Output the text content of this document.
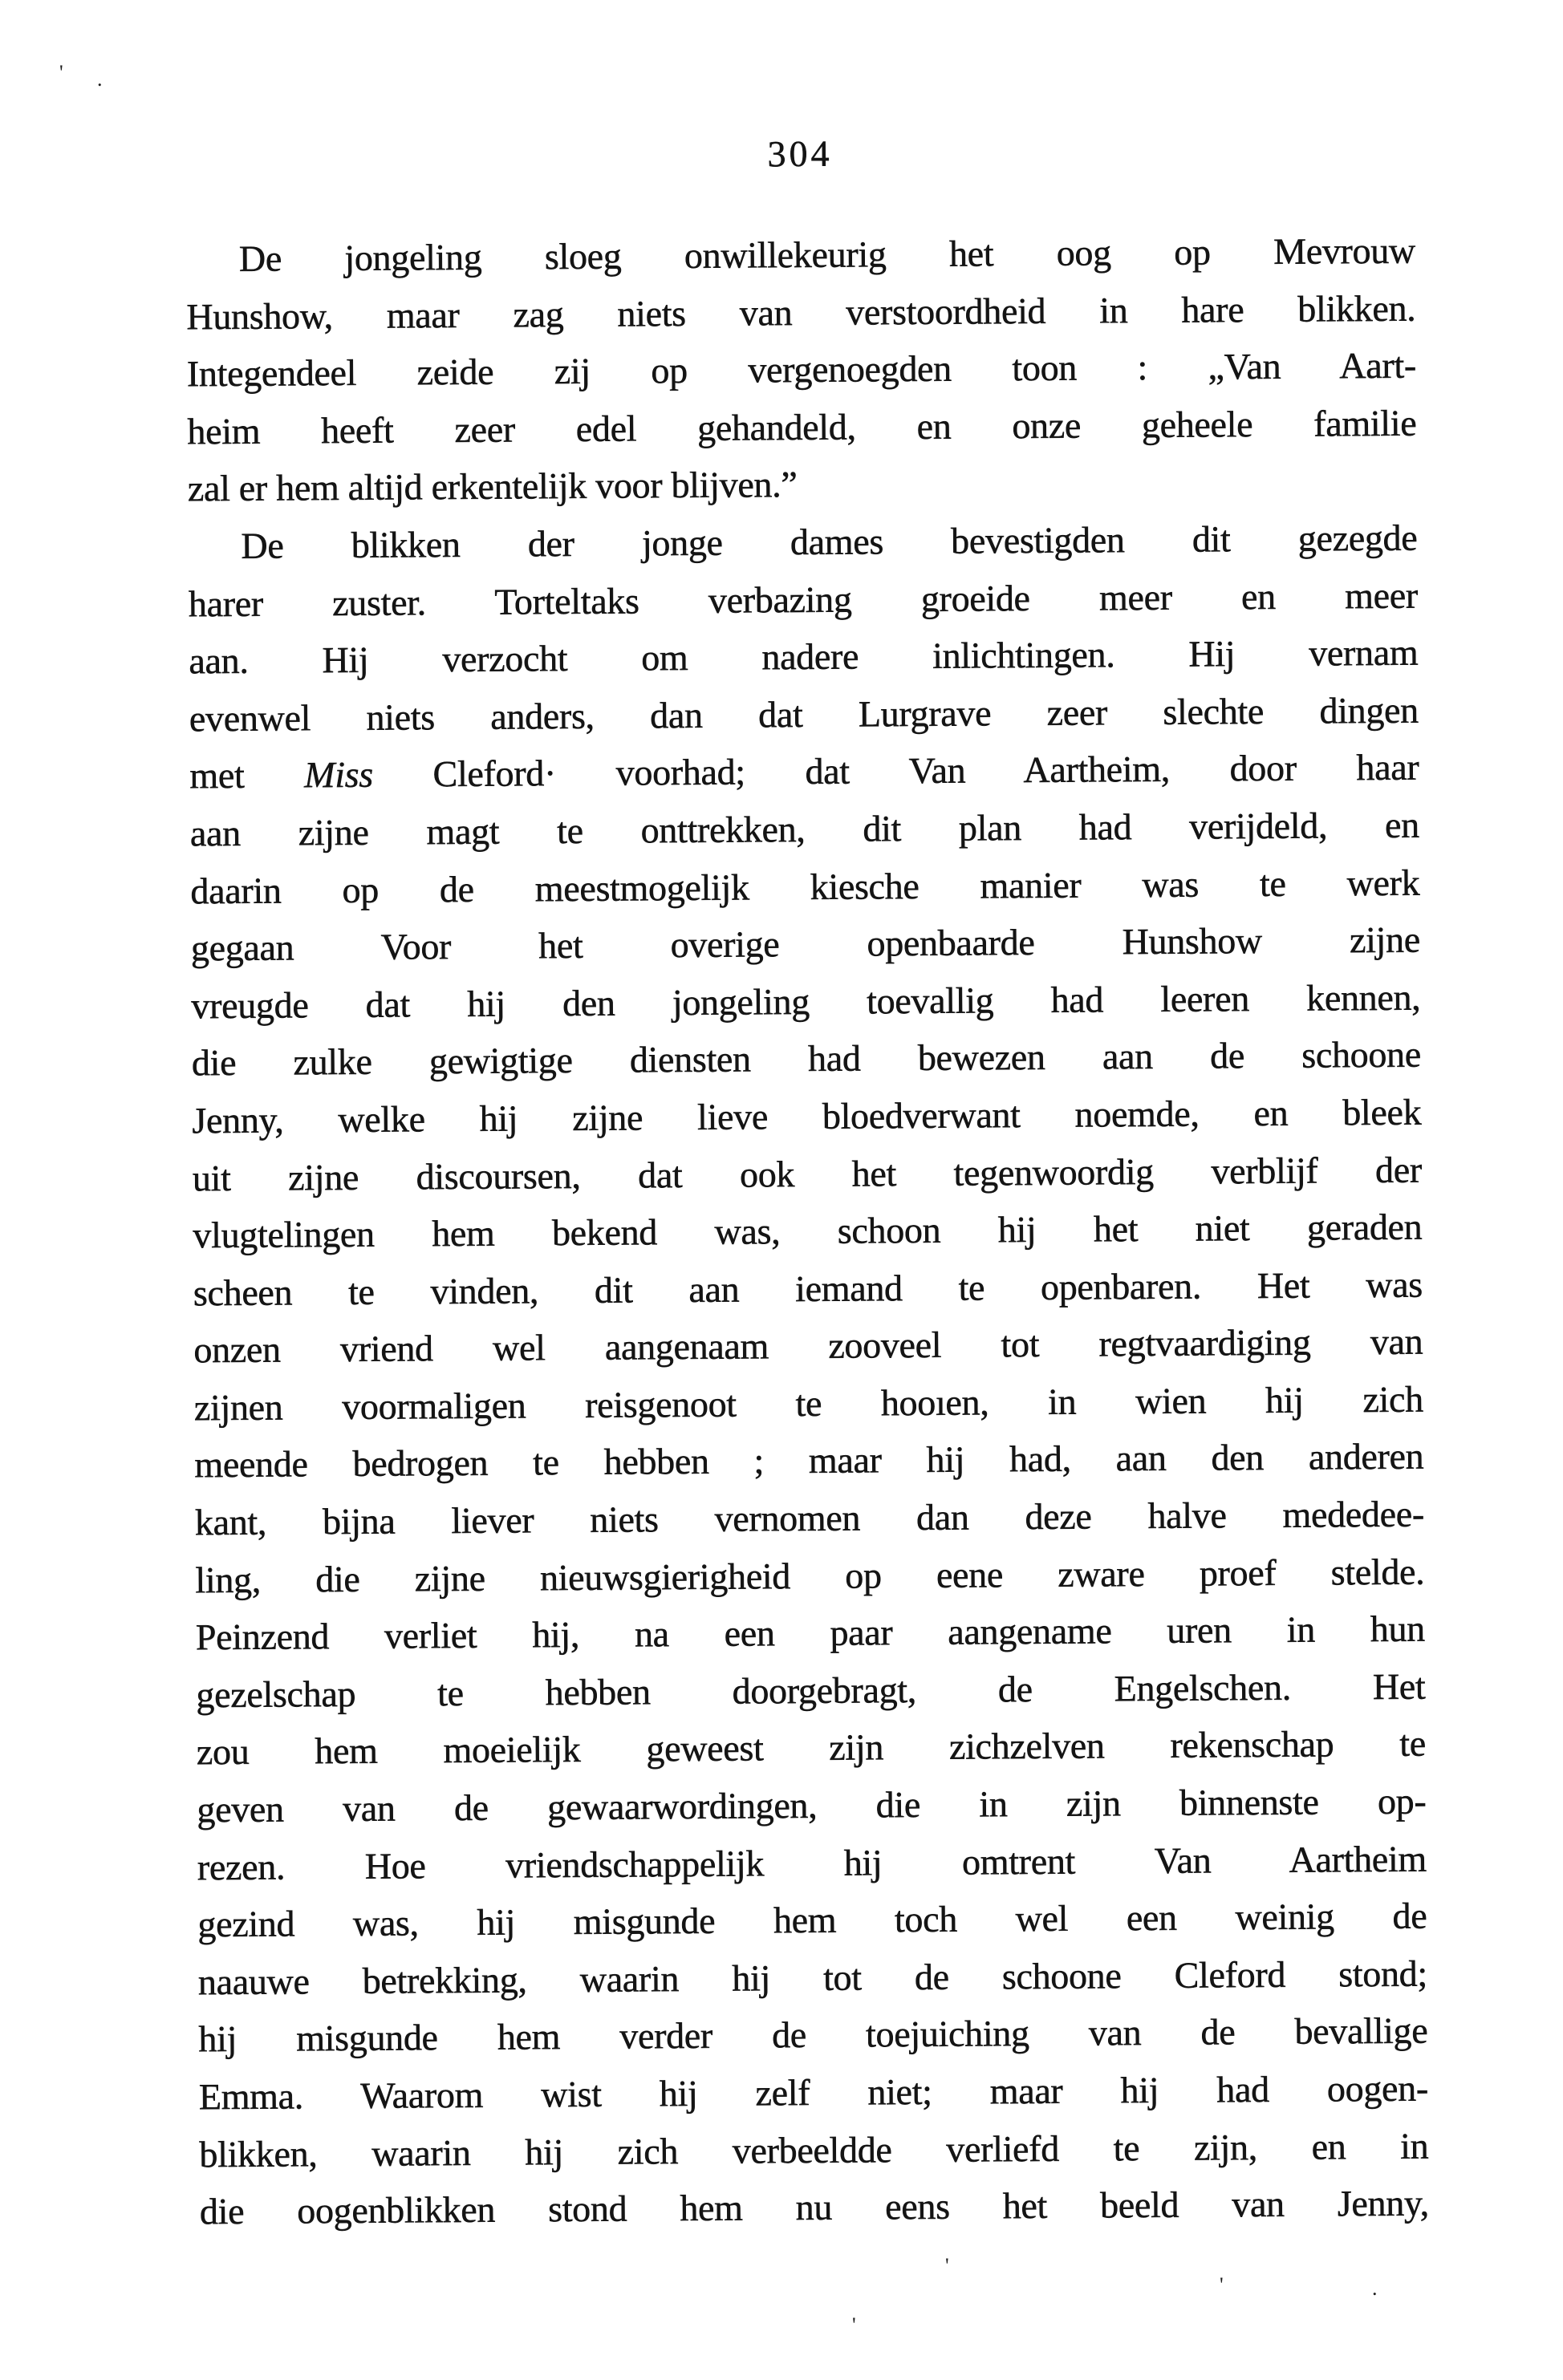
304
De jongeling sloeg onwillekeurig het oog op Mevrouw
Hunshow, maar zag niets van verstoordheid in hare blikken.
Integendeel zeide zij op vergenoegden toon : „Van Aart-
heim heeft zeer edel gehandeld, en onze geheele familie
zal er hem altijd erkentelijk voor blijven.”
De blikken der jonge dames bevestigden dit gezegde
harer zuster. Torteltaks verbazing groeide meer en meer
aan. Hij verzocht om nadere inlichtingen. Hij vernam
evenwel niets anders, dan dat Lurgrave zeer slechte dingen
met Miss Cleford· voorhad; dat Van Aartheim, door haar
aan zijne magt te onttrekken, dit plan had verijdeld, en
daarin op de meestmogelijk kiesche manier was te werk
gegaan Voor het overige openbaarde Hunshow zijne
vreugde dat hij den jongeling toevallig had leeren kennen,
die zulke gewigtige diensten had bewezen aan de schoone
Jenny, welke hij zijne lieve bloedverwant noemde, en bleek
uit zijne discoursen, dat ook het tegenwoordig verblijf der
vlugtelingen hem bekend was, schoon hij het niet geraden
scheen te vinden, dit aan iemand te openbaren. Het was
onzen vriend wel aangenaam zooveel tot regtvaardiging van
zijnen voormaligen reisgenoot te hooıen, in wien hij zich
meende bedrogen te hebben ; maar hij had, aan den anderen
kant, bijna liever niets vernomen dan deze halve mededee-
ling, die zijne nieuwsgierigheid op eene zware proef stelde.
Peinzend verliet hij, na een paar aangename uren in hun
gezelschap te hebben doorgebragt, de Engelschen. Het
zou hem moeielijk geweest zijn zichzelven rekenschap te
geven van de gewaarwordingen, die in zijn binnenste op-
rezen. Hoe vriendschappelijk hij omtrent Van Aartheim
gezind was, hij misgunde hem toch wel een weinig de
naauwe betrekking, waarin hij tot de schoone Cleford stond;
hij misgunde hem verder de toejuiching van de bevallige
Emma. Waarom wist hij zelf niet; maar hij had oogen-
blikken, waarin hij zich verbeeldde verliefd te zijn, en in
die oogenblikken stond hem nu eens het beeld van Jenny,
' .
'
'	.
'
